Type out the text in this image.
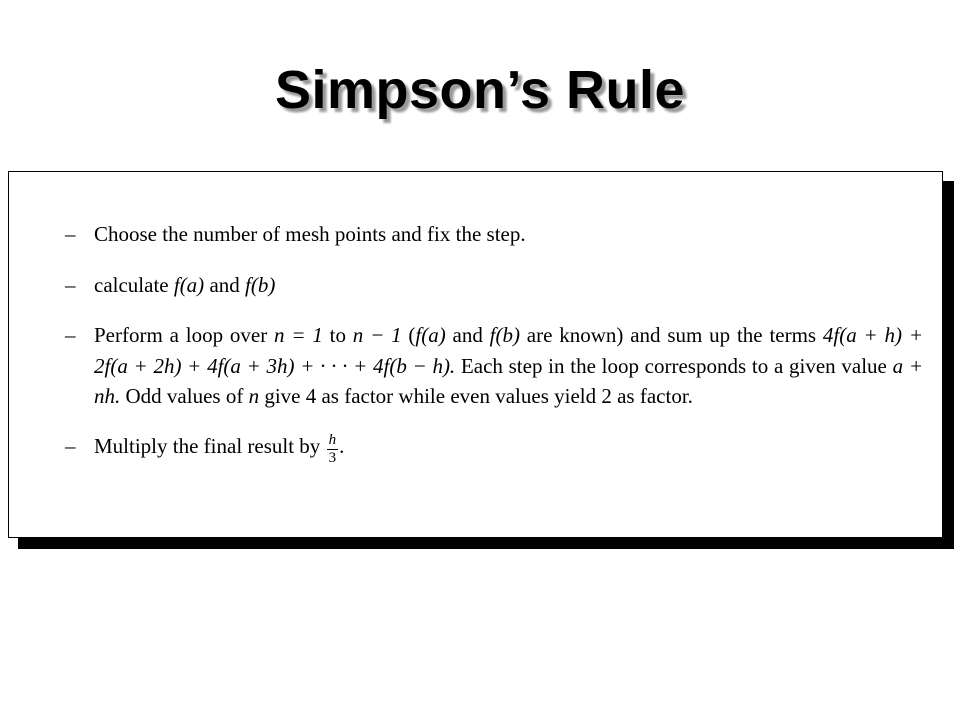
Simpson’s Rule
– Choose the number of mesh points and fix the step.
– calculate f(a) and f(b)
– Perform a loop over n = 1 to n − 1 (f(a) and f(b) are known) and sum up the terms 4f(a + h) + 2f(a + 2h) + 4f(a + 3h) + · · · + 4f(b − h). Each step in the loop corresponds to a given value a + nh. Odd values of n give 4 as factor while even values yield 2 as factor.
– Multiply the final result by $\frac{h}{3}$ .
